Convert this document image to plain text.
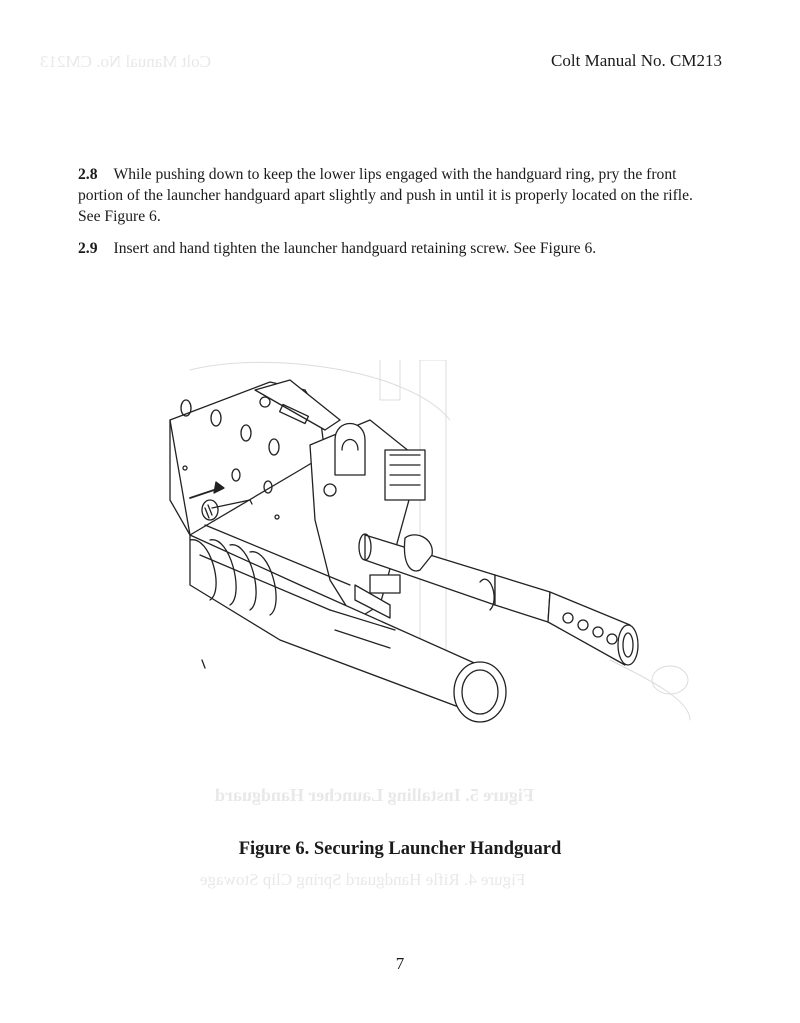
Colt Manual No. CM213
Figure 5. Installing Launcher Handguard
Figure 4. Rifle Handguard Spring Clip Stowage
Colt Manual No. CM213
2.8 While pushing down to keep the lower lips engaged with the handguard ring, pry the front portion of the launcher handguard apart slightly and push in until it is properly located on the rifle. See Figure 6.
2.9 Insert and hand tighten the launcher handguard retaining screw. See Figure 6.
Figure 6. Securing Launcher Handguard
7
